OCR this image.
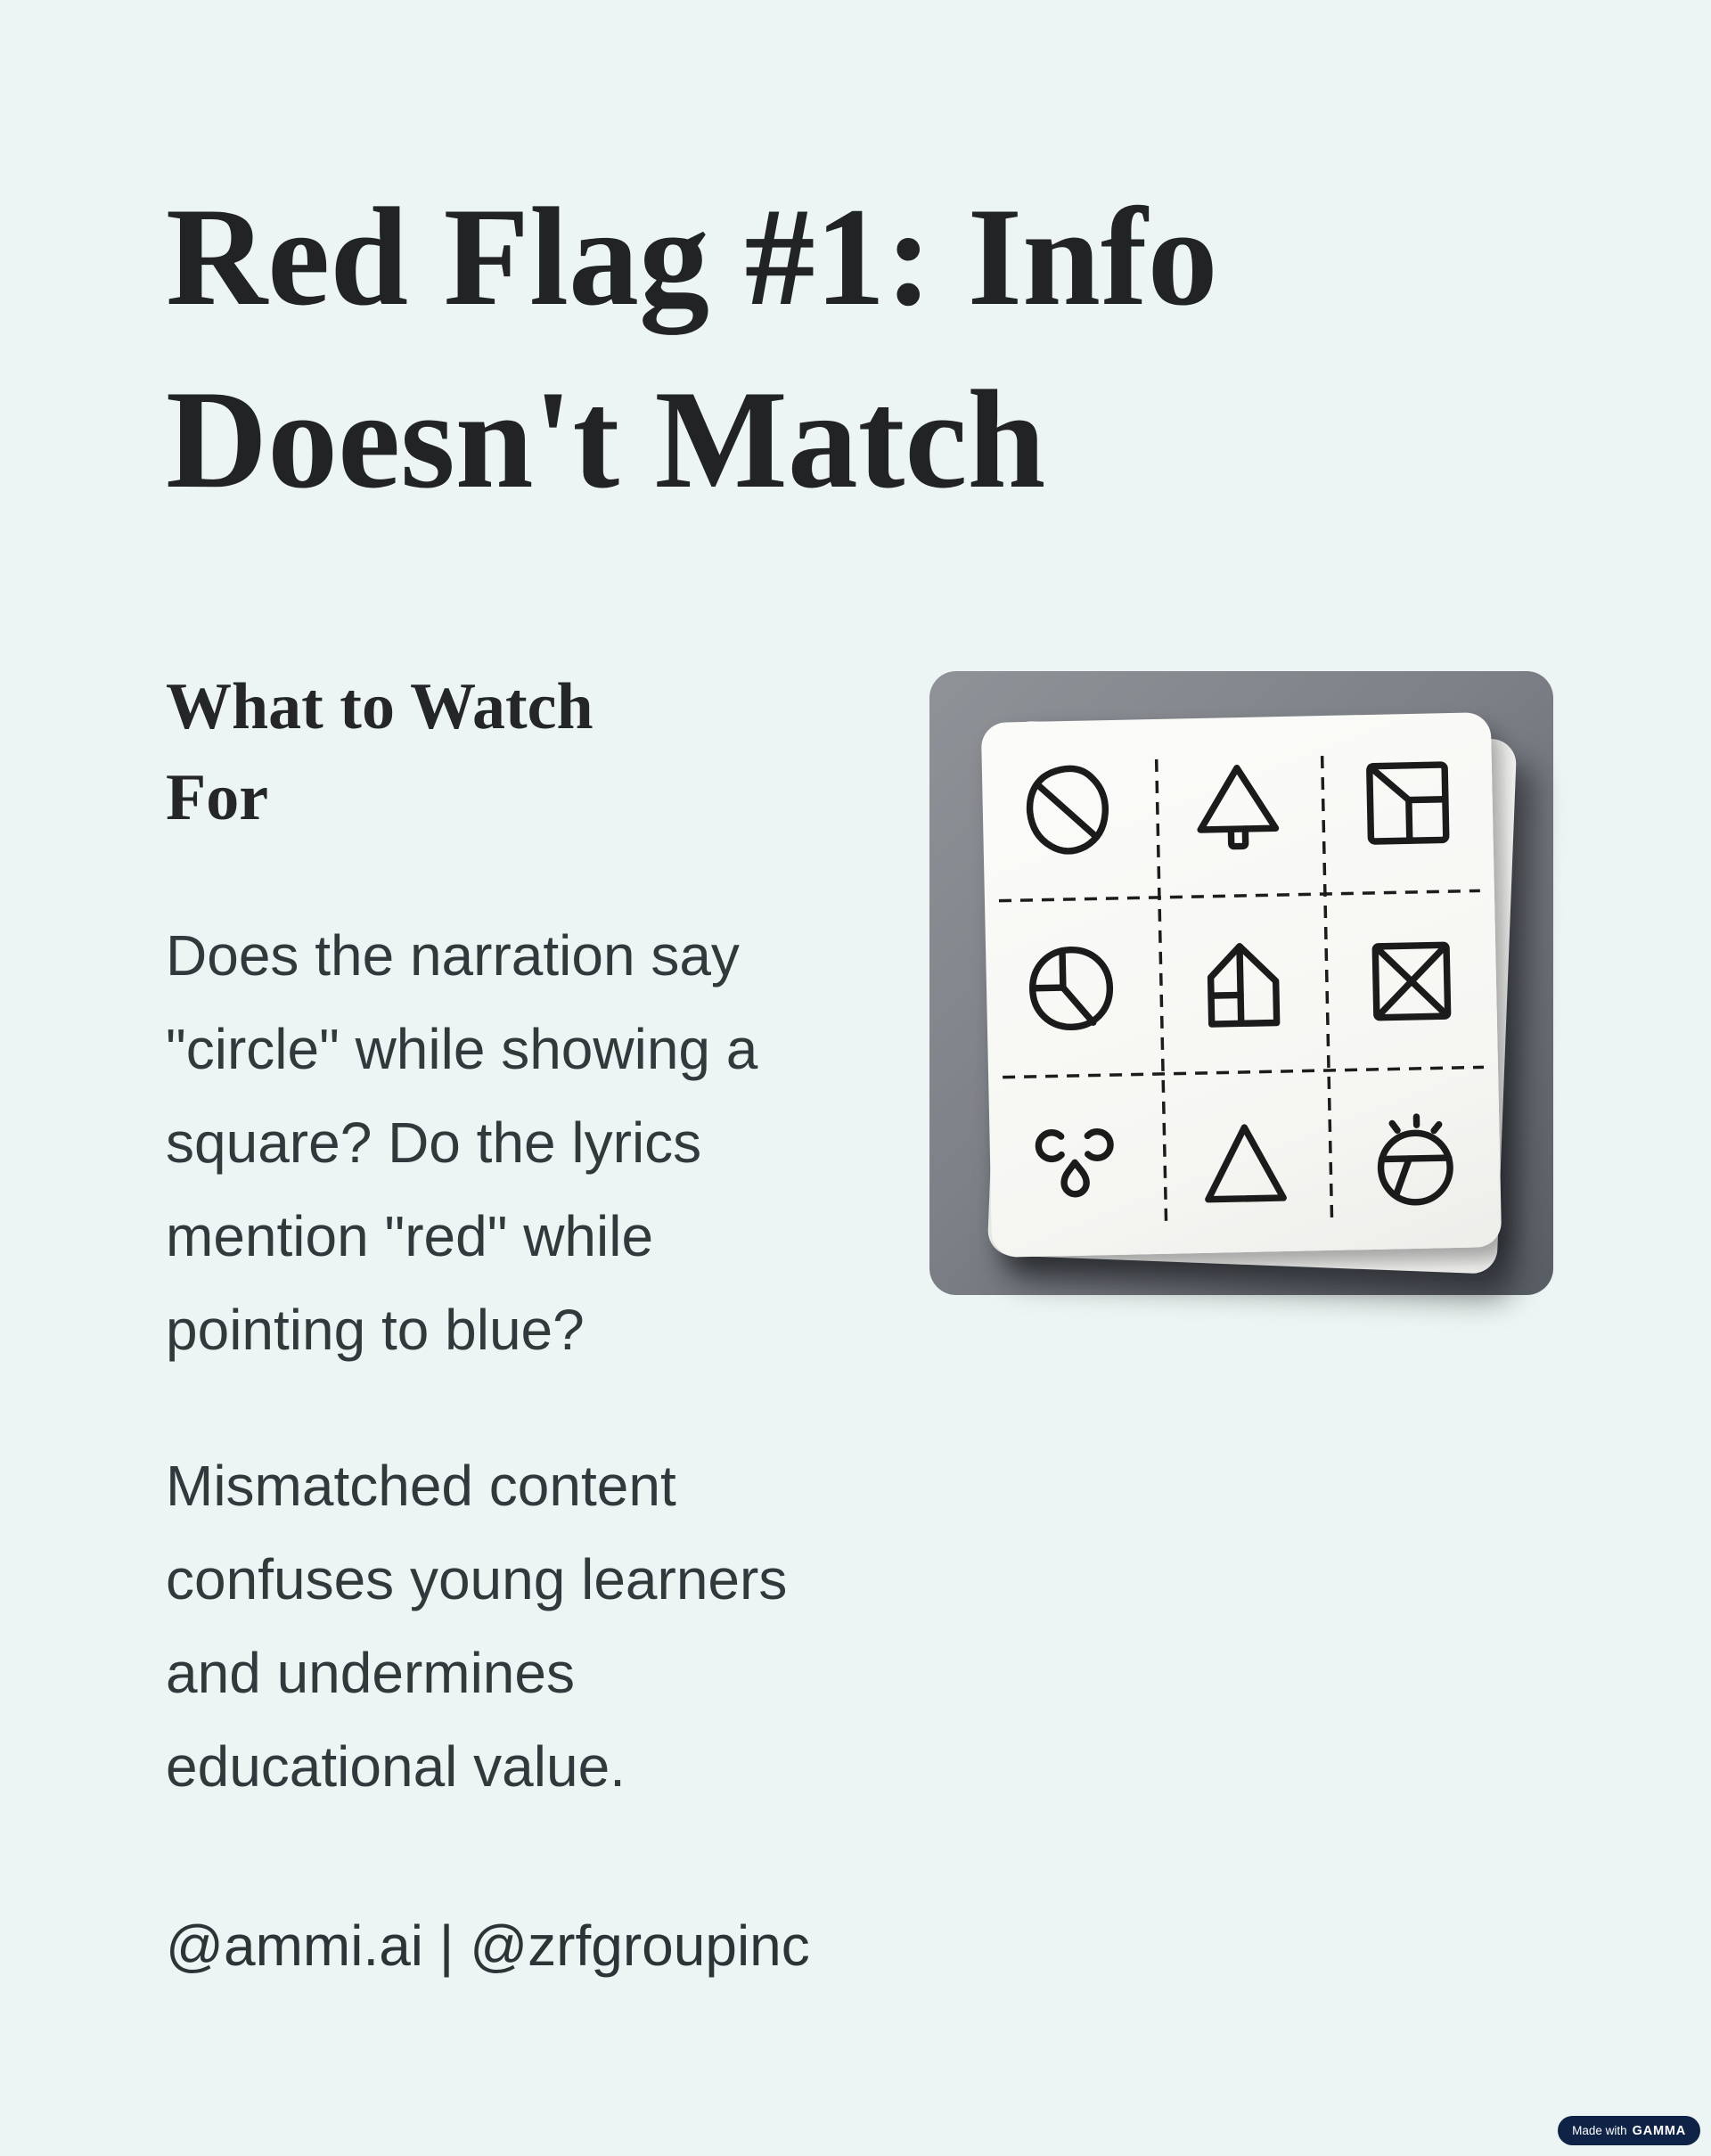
Red Flag #1: Info
Doesn't Match
What to Watch
For

Does the narration say
"circle" while showing a
square? Do the lyrics
mention "red" while
pointing to blue?

Mismatched content
confuses young learners
and undermines
educational value.

@ammi.ai | @zrfgroupinc
Made with GAMMA
